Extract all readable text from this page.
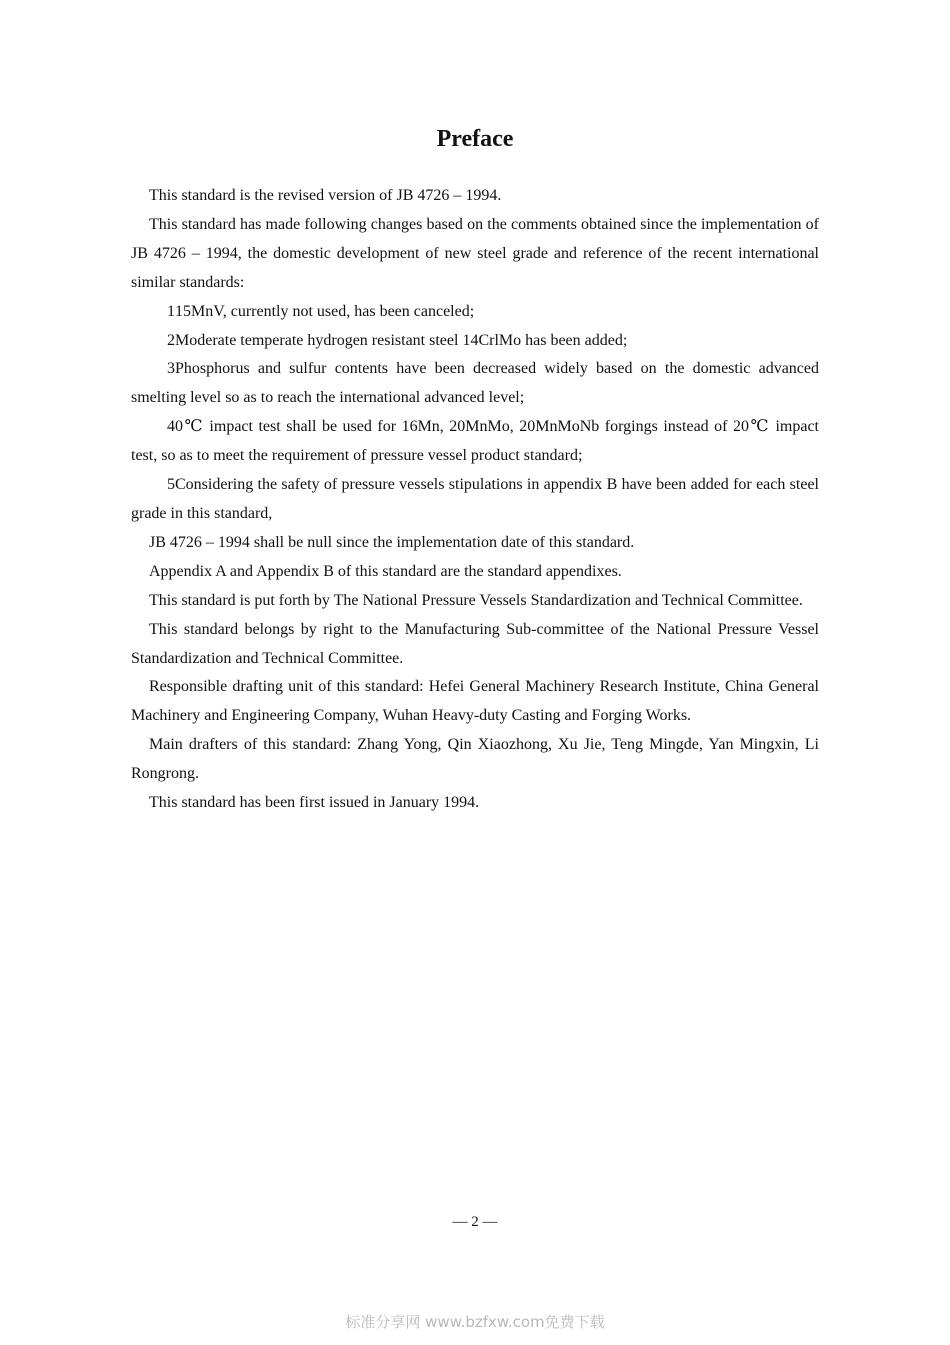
Preface

This standard is the revised version of JB 4726 – 1994.

This standard has made following changes based on the comments obtained since the implementation of JB 4726 – 1994, the domestic development of new steel grade and reference of the recent international similar standards:

115MnV, currently not used, has been canceled;

2Moderate temperate hydrogen resistant steel 14CrlMo has been added;

3Phosphorus and sulfur contents have been decreased widely based on the domestic advanced smelting level so as to reach the international advanced level;

40℃ impact test shall be used for 16Mn, 20MnMo, 20MnMoNb forgings instead of 20℃ impact test, so as to meet the requirement of pressure vessel product standard;

5Considering the safety of pressure vessels stipulations in appendix B have been added for each steel grade in this standard,

JB 4726 – 1994 shall be null since the implementation date of this standard.

Appendix A and Appendix B of this standard are the standard appendixes.

This standard is put forth by The National Pressure Vessels Standardization and Technical Committee.

This standard belongs by right to the Manufacturing Sub-committee of the National Pressure Vessel Standardization and Technical Committee.

Responsible drafting unit of this standard: Hefei General Machinery Research Institute, China General Machinery and Engineering Company, Wuhan Heavy-duty Casting and Forging Works.

Main drafters of this standard: Zhang Yong, Qin Xiaozhong, Xu Jie, Teng Mingde, Yan Mingxin, Li Rongrong.

This standard has been first issued in January 1994.

— 2 —
标准分享网 www.bzfxw.com免费下载
